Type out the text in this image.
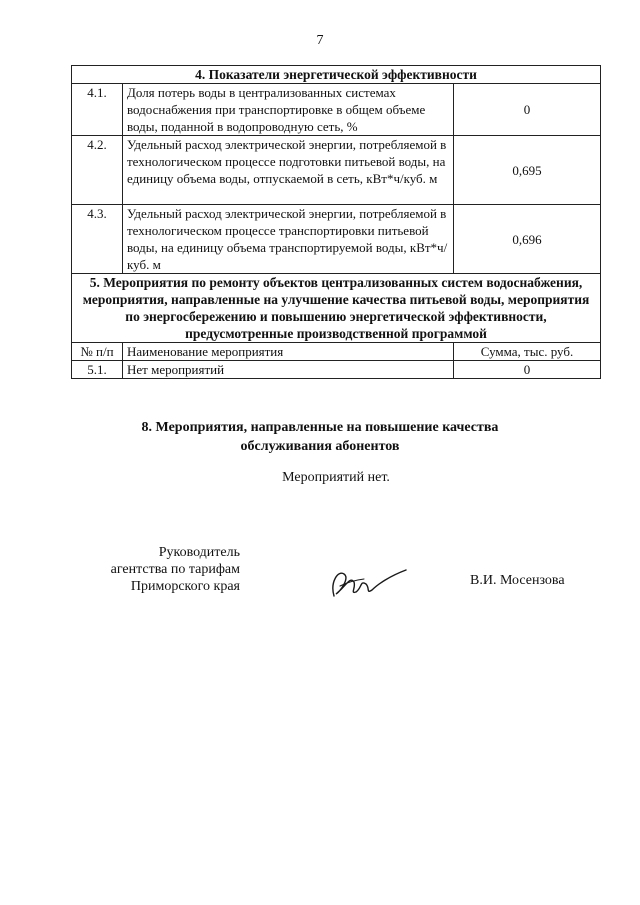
7
4. Показатели энергетической эффективности		
4.1.	Доля потерь воды в централизованных системах водоснабжения при транспортировке в общем объеме воды, поданной в водопроводную сеть, %	0
4.2.	Удельный расход электрической энергии, потребляемой в технологическом процессе подготовки питьевой воды, на единицу объема воды, отпускаемой в сеть, кВт*ч/куб. м	0,695
4.3.	Удельный расход электрической энергии, потребляемой в технологическом процессе транспортировки питьевой воды, на единицу объема транспортируемой воды, кВт*ч/куб. м	0,696
5. Мероприятия по ремонту объектов централизованных систем водоснабжения, мероприятия, направленные на улучшение качества питьевой воды, мероприятия по энергосбережению и повышению энергетической эффективности, предусмотренные производственной программой		
№ п/п	Наименование мероприятия	Сумма, тыс. руб.
5.1.	Нет мероприятий	0
8. Мероприятия, направленные на повышение качества
обслуживания абонентов
Мероприятий нет.
Руководитель
агентства по тарифам
Приморского края	В.И. Мосензова
